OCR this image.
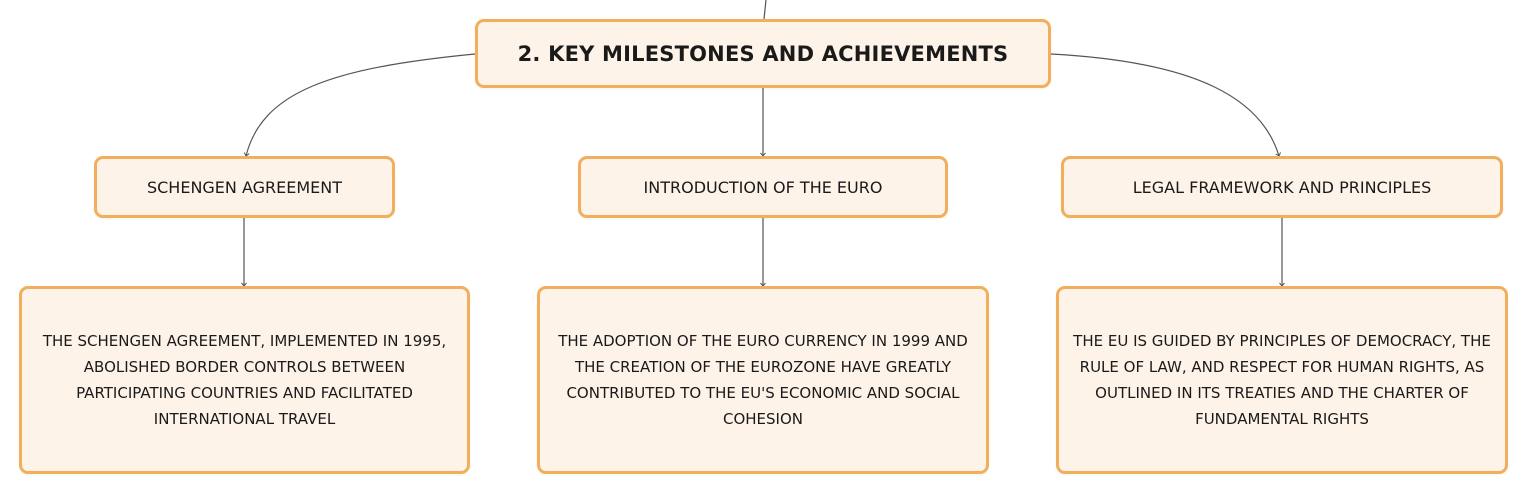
2. KEY MILESTONES AND ACHIEVEMENTS
SCHENGEN AGREEMENT	INTRODUCTION OF THE EURO	LEGAL FRAMEWORK AND PRINCIPLES
THE SCHENGEN AGREEMENT, IMPLEMENTED IN 1995, ABOLISHED BORDER CONTROLS BETWEEN PARTICIPATING COUNTRIES AND FACILITATED INTERNATIONAL TRAVEL
THE ADOPTION OF THE EURO CURRENCY IN 1999 AND THE CREATION OF THE EUROZONE HAVE GREATLY CONTRIBUTED TO THE EU'S ECONOMIC AND SOCIAL COHESION
THE EU IS GUIDED BY PRINCIPLES OF DEMOCRACY, THE RULE OF LAW, AND RESPECT FOR HUMAN RIGHTS, AS OUTLINED IN ITS TREATIES AND THE CHARTER OF FUNDAMENTAL RIGHTS
